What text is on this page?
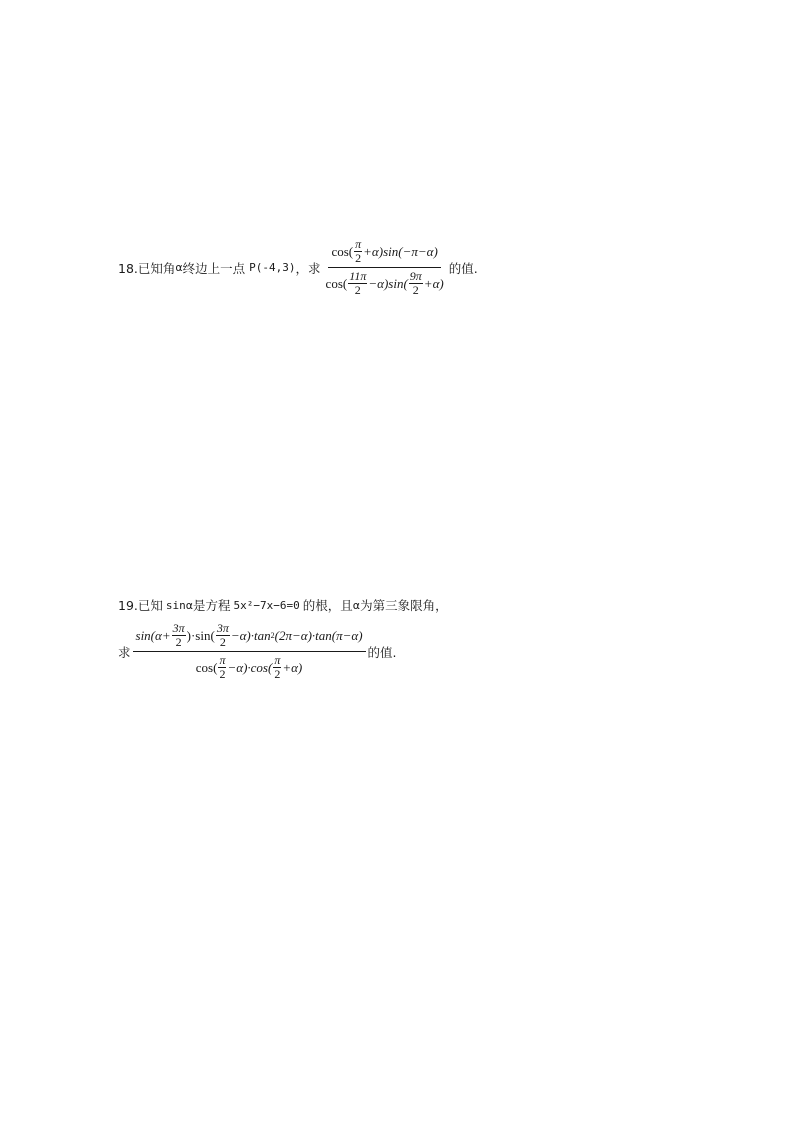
18.已知角 α 终边上一点 P(-4,3) ，求
cos( π
2 +α)sin(−π−α)
cos( 11π
2 −α)sin( 9π
2 +α)
的值.
19.已知 sin α 是方程 5x²−7x−6=0 的根，且 α 为第三象限角，
求
$\sin(\alpha+ \frac{3\pi}{2} )\cdot\sin$( 3π
2 −α)·tan 2 (2π−α)·tan(π−α)
cos( π
2 −α)·cos( π
2 +α)
的值.
